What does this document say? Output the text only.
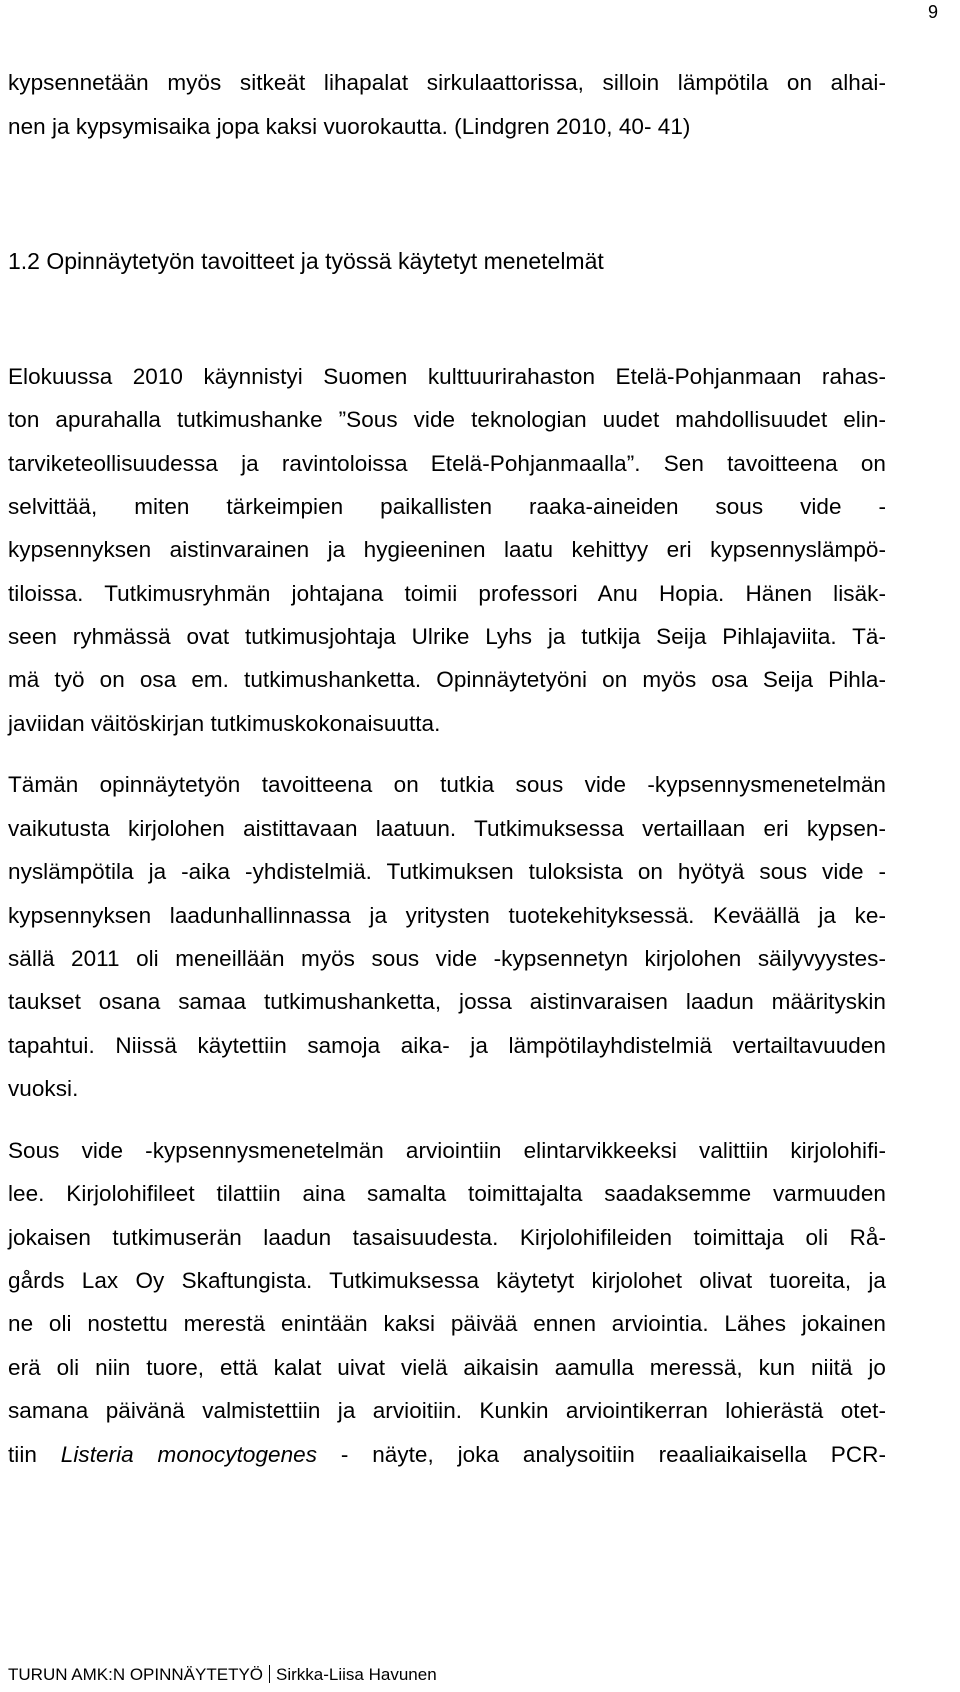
9
kypsennetään myös sitkeät lihapalat sirkulaattorissa, silloin lämpötila on alhai-
nen ja kypsymisaika jopa kaksi vuorokautta. (Lindgren 2010, 40- 41)
1.2 Opinnäytetyön tavoitteet ja työssä käytetyt menetelmät
Elokuussa 2010 käynnistyi Suomen kulttuurirahaston Etelä-Pohjanmaan rahas-
ton apurahalla tutkimushanke ”Sous vide teknologian uudet mahdollisuudet elin-
tarviketeollisuudessa ja ravintoloissa Etelä-Pohjanmaalla”. Sen tavoitteena on
selvittää, miten tärkeimpien paikallisten raaka-aineiden sous vide -
kypsennyksen aistinvarainen ja hygieeninen laatu kehittyy eri kypsennyslämpö-
tiloissa. Tutkimusryhmän johtajana toimii professori Anu Hopia. Hänen lisäk-
seen ryhmässä ovat tutkimusjohtaja Ulrike Lyhs ja tutkija Seija Pihlajaviita. Tä-
mä työ on osa em. tutkimushanketta. Opinnäytetyöni on myös osa Seija Pihla-
javiidan väitöskirjan tutkimuskokonaisuutta.
Tämän opinnäytetyön tavoitteena on tutkia sous vide -kypsennysmenetelmän
vaikutusta kirjolohen aistittavaan laatuun. Tutkimuksessa vertaillaan eri kypsen-
nyslämpötila ja -aika -yhdistelmiä. Tutkimuksen tuloksista on hyötyä sous vide -
kypsennyksen laadunhallinnassa ja yritysten tuotekehityksessä. Keväällä ja ke-
sällä 2011 oli meneillään myös sous vide -kypsennetyn kirjolohen säilyvyystes-
taukset osana samaa tutkimushanketta, jossa aistinvaraisen laadun määrityskin
tapahtui. Niissä käytettiin samoja aika- ja lämpötilayhdistelmiä vertailtavuuden
vuoksi.
Sous vide -kypsennysmenetelmän arviointiin elintarvikkeeksi valittiin kirjolohifi-
lee. Kirjolohifileet tilattiin aina samalta toimittajalta saadaksemme varmuuden
jokaisen tutkimuserän laadun tasaisuudesta. Kirjolohifileiden toimittaja oli Rå-
gårds Lax Oy Skaftungista. Tutkimuksessa käytetyt kirjolohet olivat tuoreita, ja
ne oli nostettu merestä enintään kaksi päivää ennen arviointia. Lähes jokainen
erä oli niin tuore, että kalat uivat vielä aikaisin aamulla meressä, kun niitä jo
samana päivänä valmistettiin ja arvioitiin. Kunkin arviointikerran lohierästä otet-
tiin Listeria monocytogenes - näyte, joka analysoitiin reaaliaikaisella PCR-
TURUN AMK:N OPINNÄYTETYÖ Sirkka-Liisa Havunen
